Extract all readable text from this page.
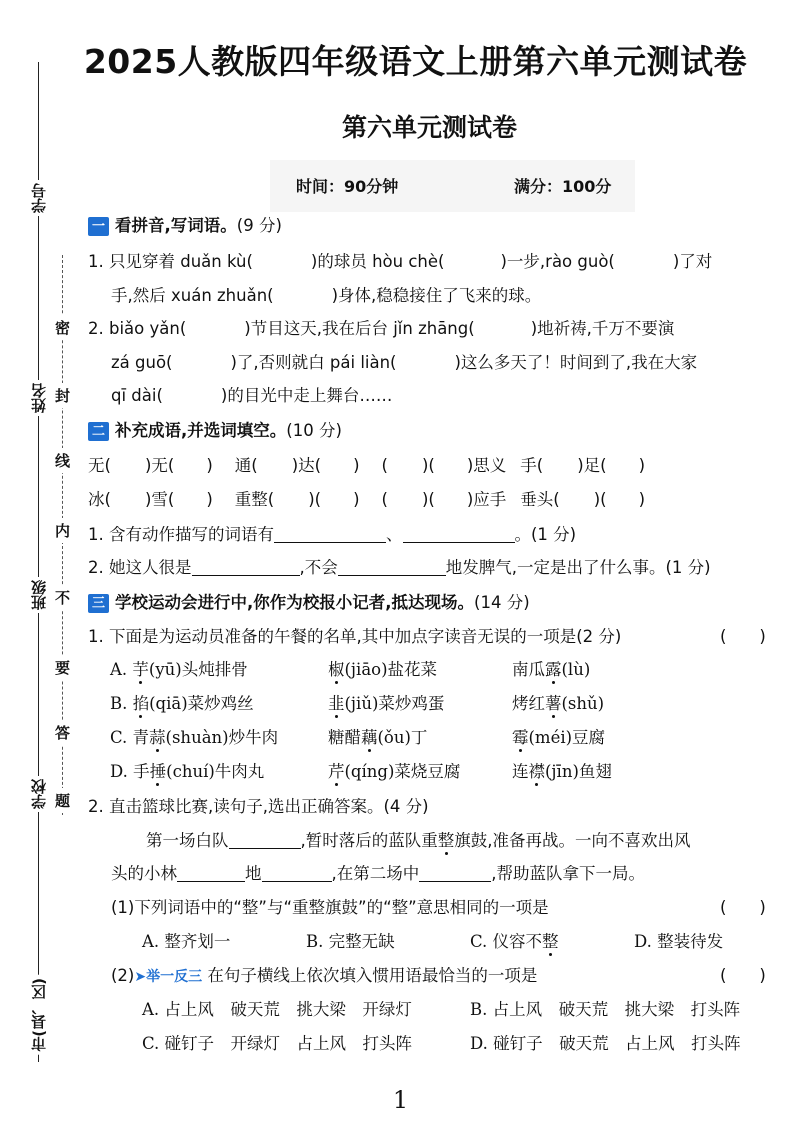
2025人教版四年级语文上册第六单元测试卷
第六单元测试卷
时间：90分钟	满分：100分
学号
姓名
班级
学校
市(县、区)
密
封
线
内
不
要
答
题
一 看拼音,写词语。(9 分)
1. 只见穿着 duǎn kù(	)的球员 hòu chè(	)一步,rào guò(	)了对
手,然后 xuán zhuǎn(	)身体,稳稳接住了飞来的球。
2. biǎo yǎn(	)节目这天,我在后台 jǐn zhāng(	)地祈祷,千万不要演
zá guō(	)了,否则就白 pái liàn(	)这么多天了！时间到了,我在大家
qī dài(	)的目光中走上舞台……
二 补充成语,并选词填空。(10 分)
无( )无( ) 通( )达( ) ( )( )思义 手( )足( )
冰( )雪( ) 重整( )( ) ( )( )应手 垂头( )( )
1. 含有动作描写的词语有	、	。(1 分)
2. 她这人很是	,不会	地发脾气,一定是出了什么事。(1 分)
三 学校运动会进行中,你作为校报小记者,抵达现场。(14 分)
1. 下面是为运动员准备的午餐的名单,其中加点字读音无误的一项是(2 分)	(　　)
A. 芋(yū)头炖排骨	椒(jiāo)盐花菜	南瓜露(lù)
B. 掐(qiā)菜炒鸡丝	韭(jiǔ)菜炒鸡蛋	烤红薯(shǔ)
C. 青蒜(shuàn)炒牛肉	糖醋藕(ǒu)丁	霉(méi)豆腐
D. 手捶(chuí)牛肉丸	芹(qíng)菜烧豆腐	连襟(jīn)鱼翅
2. 直击篮球比赛,读句子,选出正确答案。(4 分)
第一场白队	,暂时落后的蓝队重整旗鼓,准备再战。一向不喜欢出风
头的小林	地	,在第二场中	,帮助蓝队拿下一局。
(1)下列词语中的“整”与“重整旗鼓”的“整”意思相同的一项是	(　　)
A. 整齐划一	B. 完整无缺	C. 仪容不整	D. 整装待发
(2)➤举一反三 在句子横线上依次填入惯用语最恰当的一项是	(　　)
A. 占上风　破天荒　挑大梁　开绿灯	B. 占上风　破天荒　挑大梁　打头阵
C. 碰钉子　开绿灯　占上风　打头阵	D. 碰钉子　破天荒　占上风　打头阵
1
